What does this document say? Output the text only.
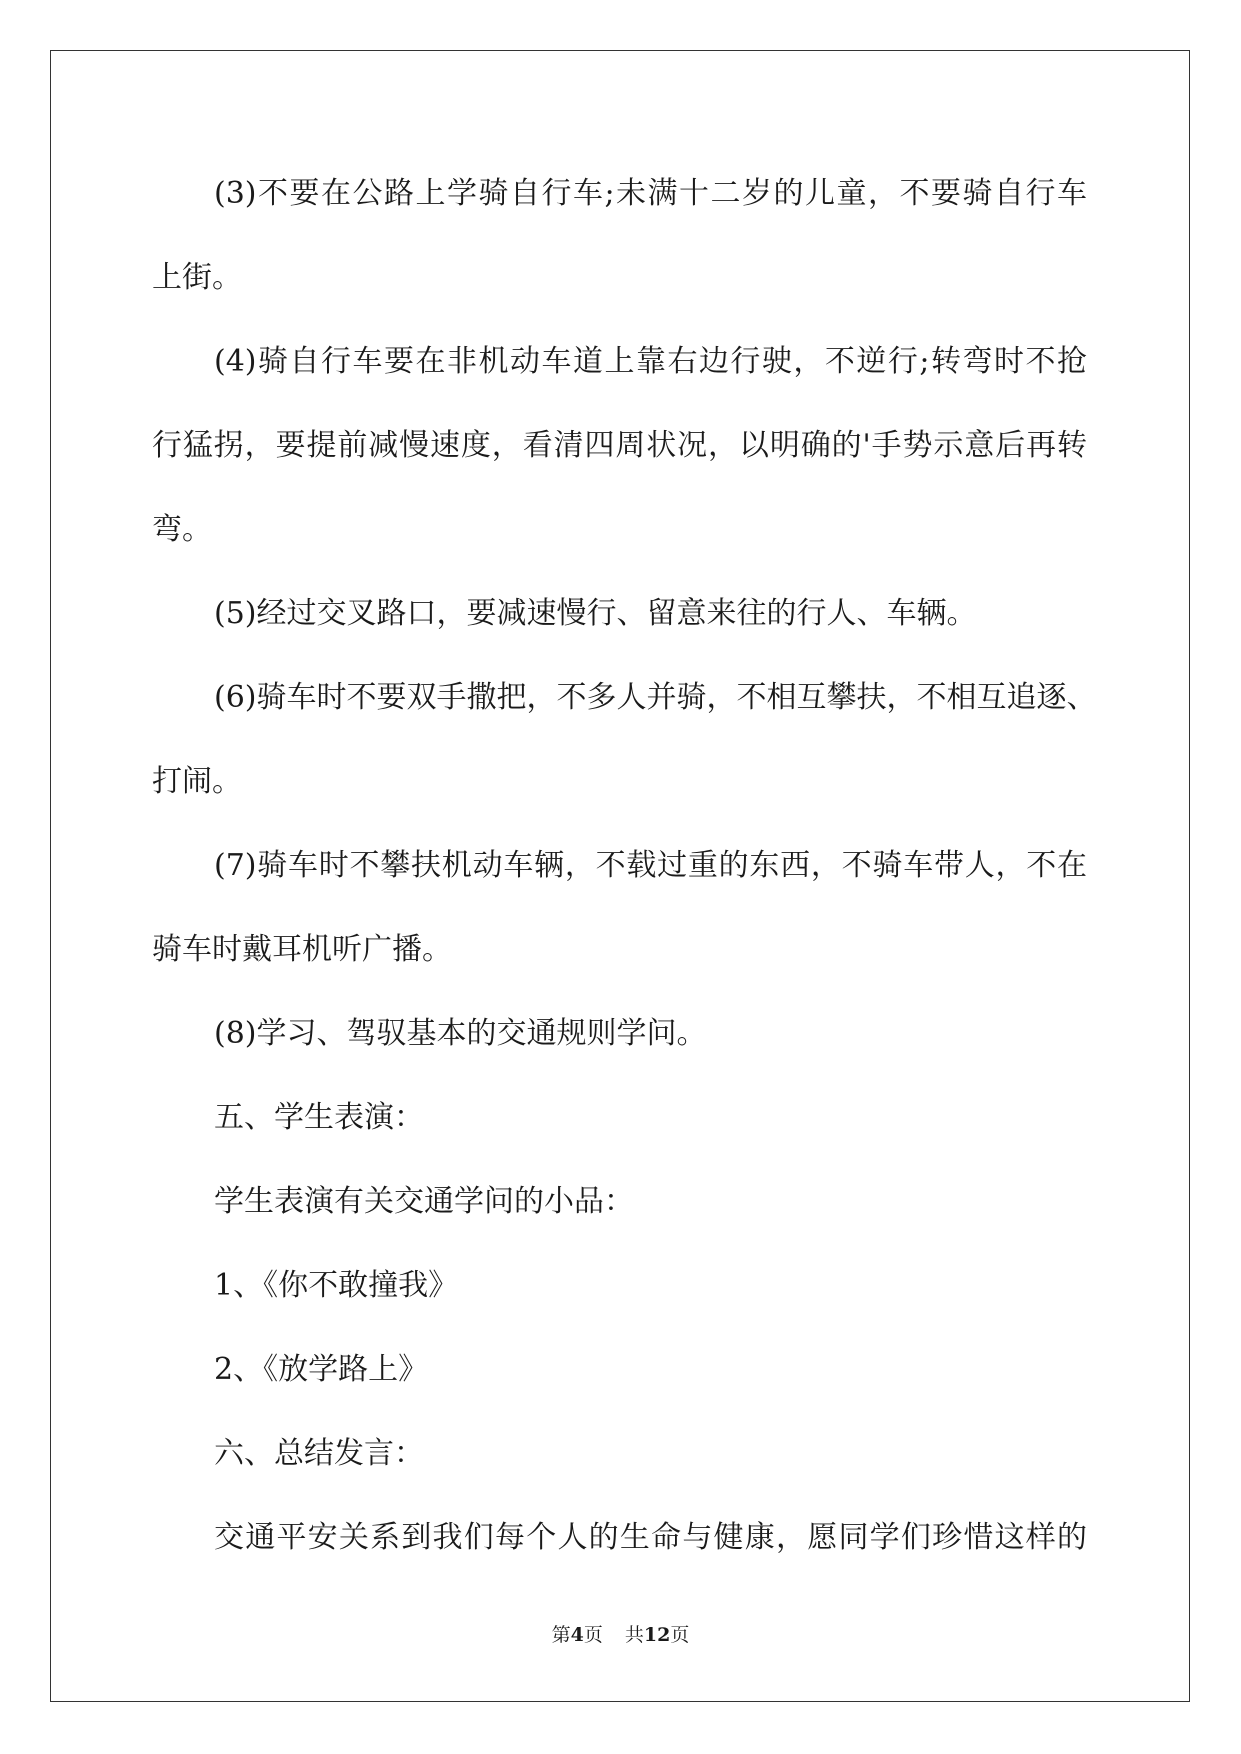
(3)不要在公路上学骑自行车;未满十二岁的儿童，不要骑自行车
上街。
(4)骑自行车要在非机动车道上靠右边行驶，不逆行;转弯时不抢
行猛拐，要提前减慢速度，看清四周状况，以明确的'手势示意后再转
弯。
(5)经过交叉路口，要减速慢行、留意来往的行人、车辆。
(6)骑车时不要双手撒把，不多人并骑，不相互攀扶，不相互追逐、
打闹。
(7)骑车时不攀扶机动车辆，不载过重的东西，不骑车带人，不在
骑车时戴耳机听广播。
(8)学习、驾驭基本的交通规则学问。
五、学生表演：
学生表演有关交通学问的小品：
1、《你不敢撞我》
2、《放学路上》
六、总结发言：
交通平安关系到我们每个人的生命与健康，愿同学们珍惜这样的
第4页 共12页
